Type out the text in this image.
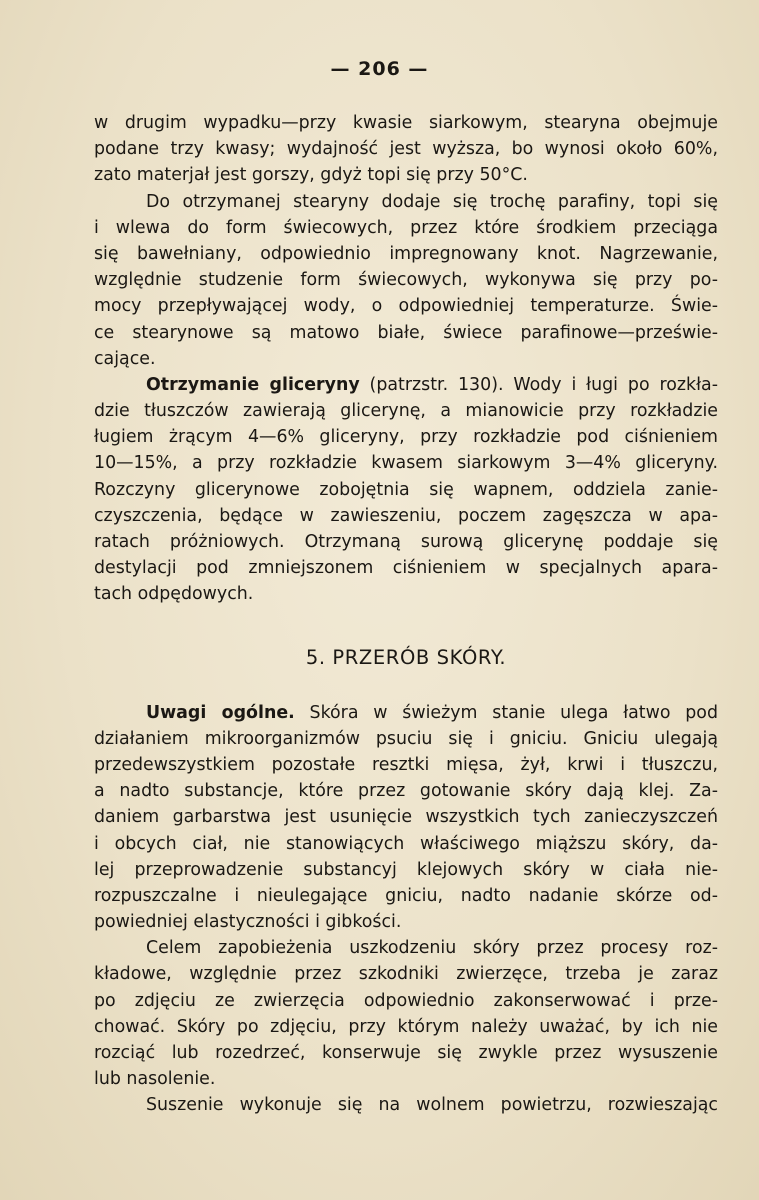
— 206 —

w drugim wypadku—przy kwasie siarkowym, stearyna obejmuje
podane trzy kwasy; wydajność jest wyższa, bo wynosi około 60%,
zato materjał jest gorszy, gdyż topi się przy 50°C.

Do otrzymanej stearyny dodaje się trochę parafiny, topi się
i wlewa do form świecowych, przez które środkiem przeciąga
się bawełniany, odpowiednio impregnowany knot. Nagrzewanie,
względnie studzenie form świecowych, wykonywa się przy po-
mocy przepływającej wody, o odpowiedniej temperaturze. Świe-
ce stearynowe są matowo białe, świece parafinowe—prześwie-
cające.

Otrzymanie gliceryny (patrzstr. 130). Wody i ługi po rozkła-
dzie tłuszczów zawierają glicerynę, a mianowicie przy rozkładzie
ługiem żrącym 4—6% gliceryny, przy rozkładzie pod ciśnieniem
10—15%, a przy rozkładzie kwasem siarkowym 3—4% gliceryny.
Rozczyny glicerynowe zobojętnia się wapnem, oddziela zanie-
czyszczenia, będące w zawieszeniu, poczem zagęszcza w apa-
ratach próżniowych. Otrzymaną surową glicerynę poddaje się
destylacji pod zmniejszonem ciśnieniem w specjalnych apara-
tach odpędowych.

5. PRZERÓB SKÓRY.

Uwagi ogólne. Skóra w świeżym stanie ulega łatwo pod
działaniem mikroorganizmów psuciu się i gniciu. Gniciu ulegają
przedewszystkiem pozostałe resztki mięsa, żył, krwi i tłuszczu,
a nadto substancje, które przez gotowanie skóry dają klej. Za-
daniem garbarstwa jest usunięcie wszystkich tych zanieczyszczeń
i obcych ciał, nie stanowiących właściwego miąższu skóry, da-
lej przeprowadzenie substancyj klejowych skóry w ciała nie-
rozpuszczalne i nieulegające gniciu, nadto nadanie skórze od-
powiedniej elastyczności i gibkości.

Celem zapobieżenia uszkodzeniu skóry przez procesy roz-
kładowe, względnie przez szkodniki zwierzęce, trzeba je zaraz
po zdjęciu ze zwierzęcia odpowiednio zakonserwować i prze-
chować. Skóry po zdjęciu, przy którym należy uważać, by ich nie
rozciąć lub rozedrzeć, konserwuje się zwykle przez wysuszenie
lub nasolenie.

Suszenie wykonuje się na wolnem powietrzu, rozwieszając
